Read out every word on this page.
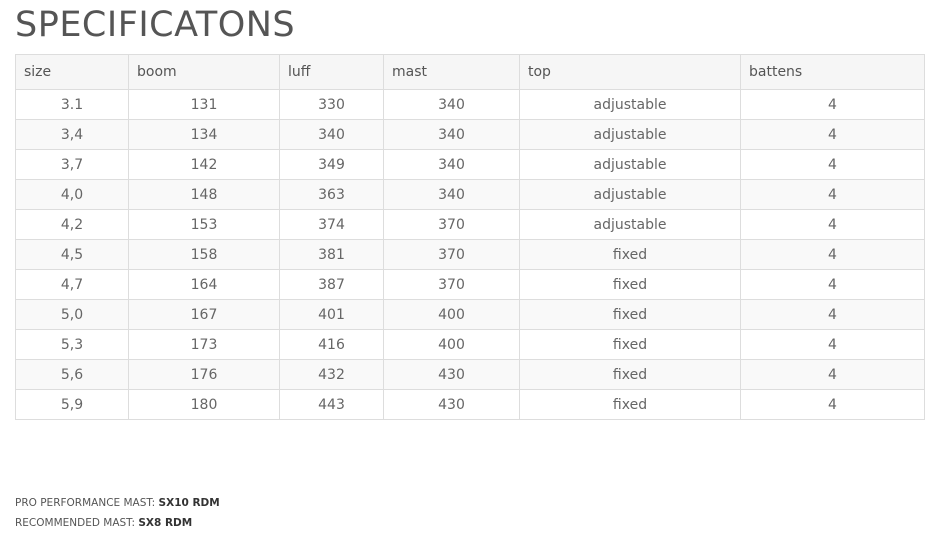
SPECIFICATONS
size	boom	luff	mast	top	battens
3.1	131	330	340	adjustable	4
3,4	134	340	340	adjustable	4
3,7	142	349	340	adjustable	4
4,0	148	363	340	adjustable	4
4,2	153	374	370	adjustable	4
4,5	158	381	370	fixed	4
4,7	164	387	370	fixed	4
5,0	167	401	400	fixed	4
5,3	173	416	400	fixed	4
5,6	176	432	430	fixed	4
5,9	180	443	430	fixed	4
PRO PERFORMANCE MAST: SX10 RDM
RECOMMENDED MAST: SX8 RDM
